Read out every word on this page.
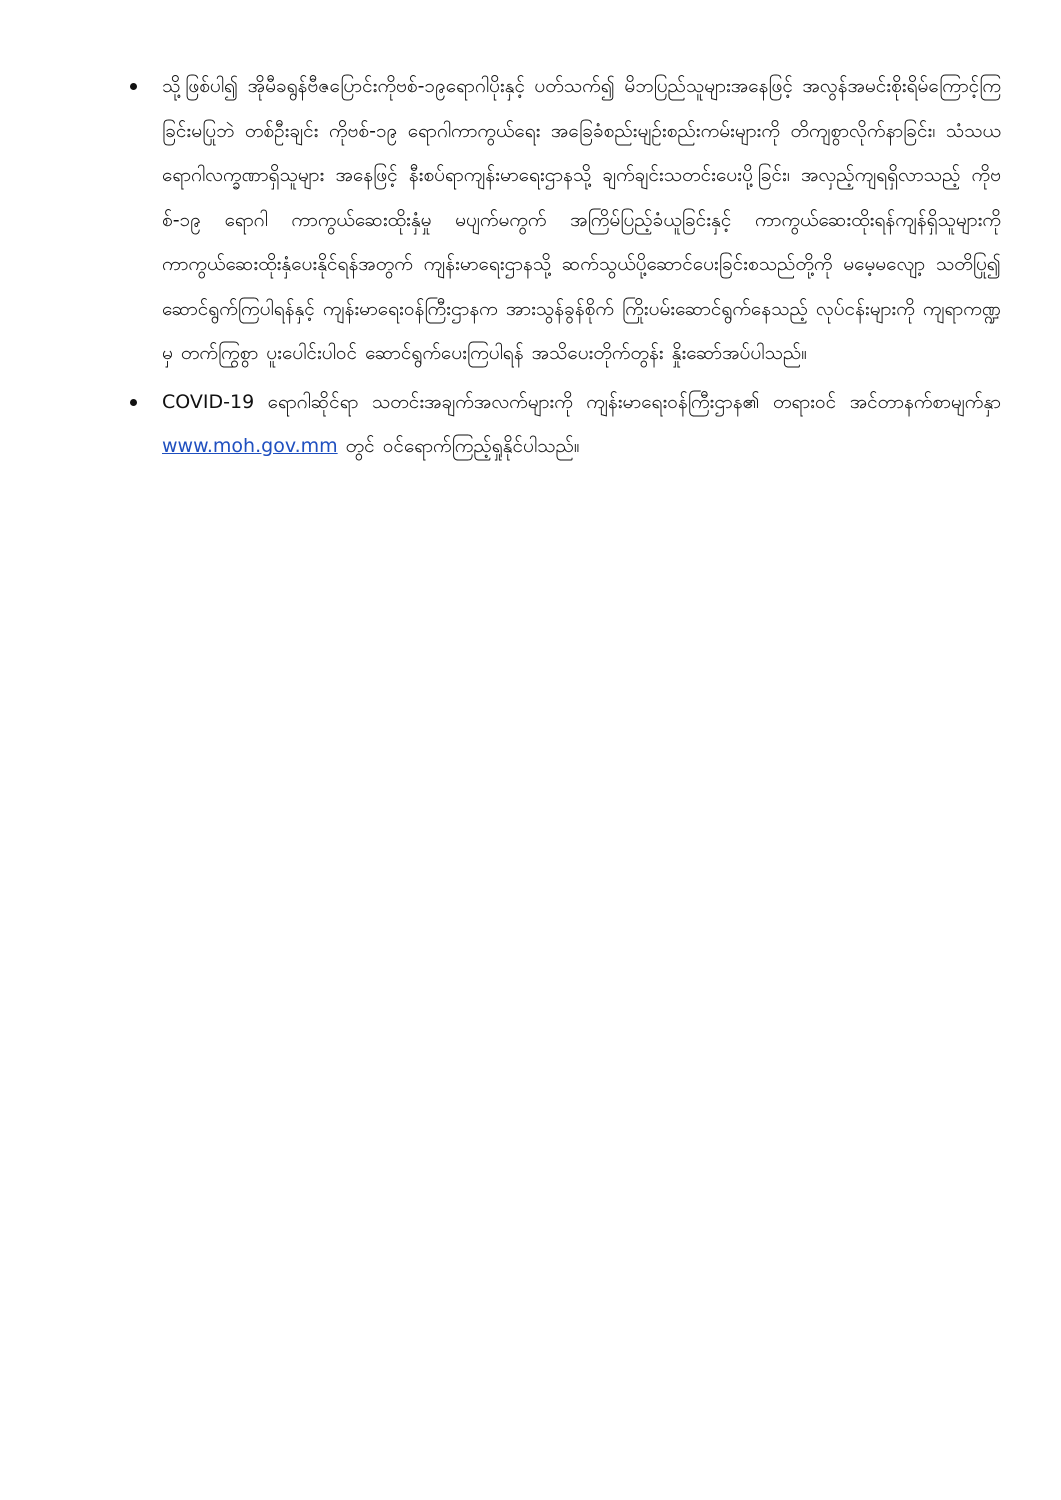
သို့ဖြစ်ပါ၍ အိုမီခရွန်ဗီဇပြောင်းကိုဗစ်-၁၉ရောဂါပိုးနှင့် ပတ်သက်၍ မိဘပြည်သူများအနေဖြင့် အလွန်အမင်းစိုးရိမ်ကြောင့်ကြခြင်းမပြုဘဲ တစ်ဦးချင်း ကိုဗစ်-၁၉ ရောဂါကာကွယ်ရေး အခြေခံစည်းမျဉ်းစည်းကမ်းများကို တိကျစွာလိုက်နာခြင်း၊ သံသယရောဂါလက္ခဏာရှိသူများ အနေဖြင့် နီးစပ်ရာကျန်းမာရေးဌာနသို့ ချက်ချင်းသတင်းပေးပို့ခြင်း၊ အလှည့်ကျရရှိလာသည့် ကိုဗစ်-၁၉ ရောဂါ ကာကွယ်ဆေးထိုးနှံမှု မပျက်မကွက် အကြိမ်ပြည့်ခံယူခြင်းနှင့် ကာကွယ်ဆေးထိုးရန်ကျန်ရှိသူများကို ကာကွယ်ဆေးထိုးနှံပေးနိုင်ရန်အတွက် ကျန်းမာရေးဌာနသို့ ဆက်သွယ်ပို့ဆောင်ပေးခြင်းစသည်တို့ကို မမေ့မလျော့ သတိပြု၍ ဆောင်ရွက်ကြပါရန်နှင့် ကျန်းမာရေးဝန်ကြီးဌာနက အားသွန်ခွန်စိုက် ကြိုးပမ်းဆောင်ရွက်နေသည့် လုပ်ငန်းများကို ကျရာကဏ္ဍမှ တက်ကြွစွာ ပူးပေါင်းပါဝင် ဆောင်ရွက်ပေးကြပါရန် အသိပေးတိုက်တွန်း နှိုးဆော်အပ်ပါသည်။

COVID-19 ရောဂါဆိုင်ရာ သတင်းအချက်အလက်များကို ကျန်းမာရေးဝန်ကြီးဌာန၏ တရားဝင် အင်တာနက်စာမျက်နှာ www.moh.gov.mm တွင် ဝင်ရောက်ကြည့်ရှုနိုင်ပါသည်။
